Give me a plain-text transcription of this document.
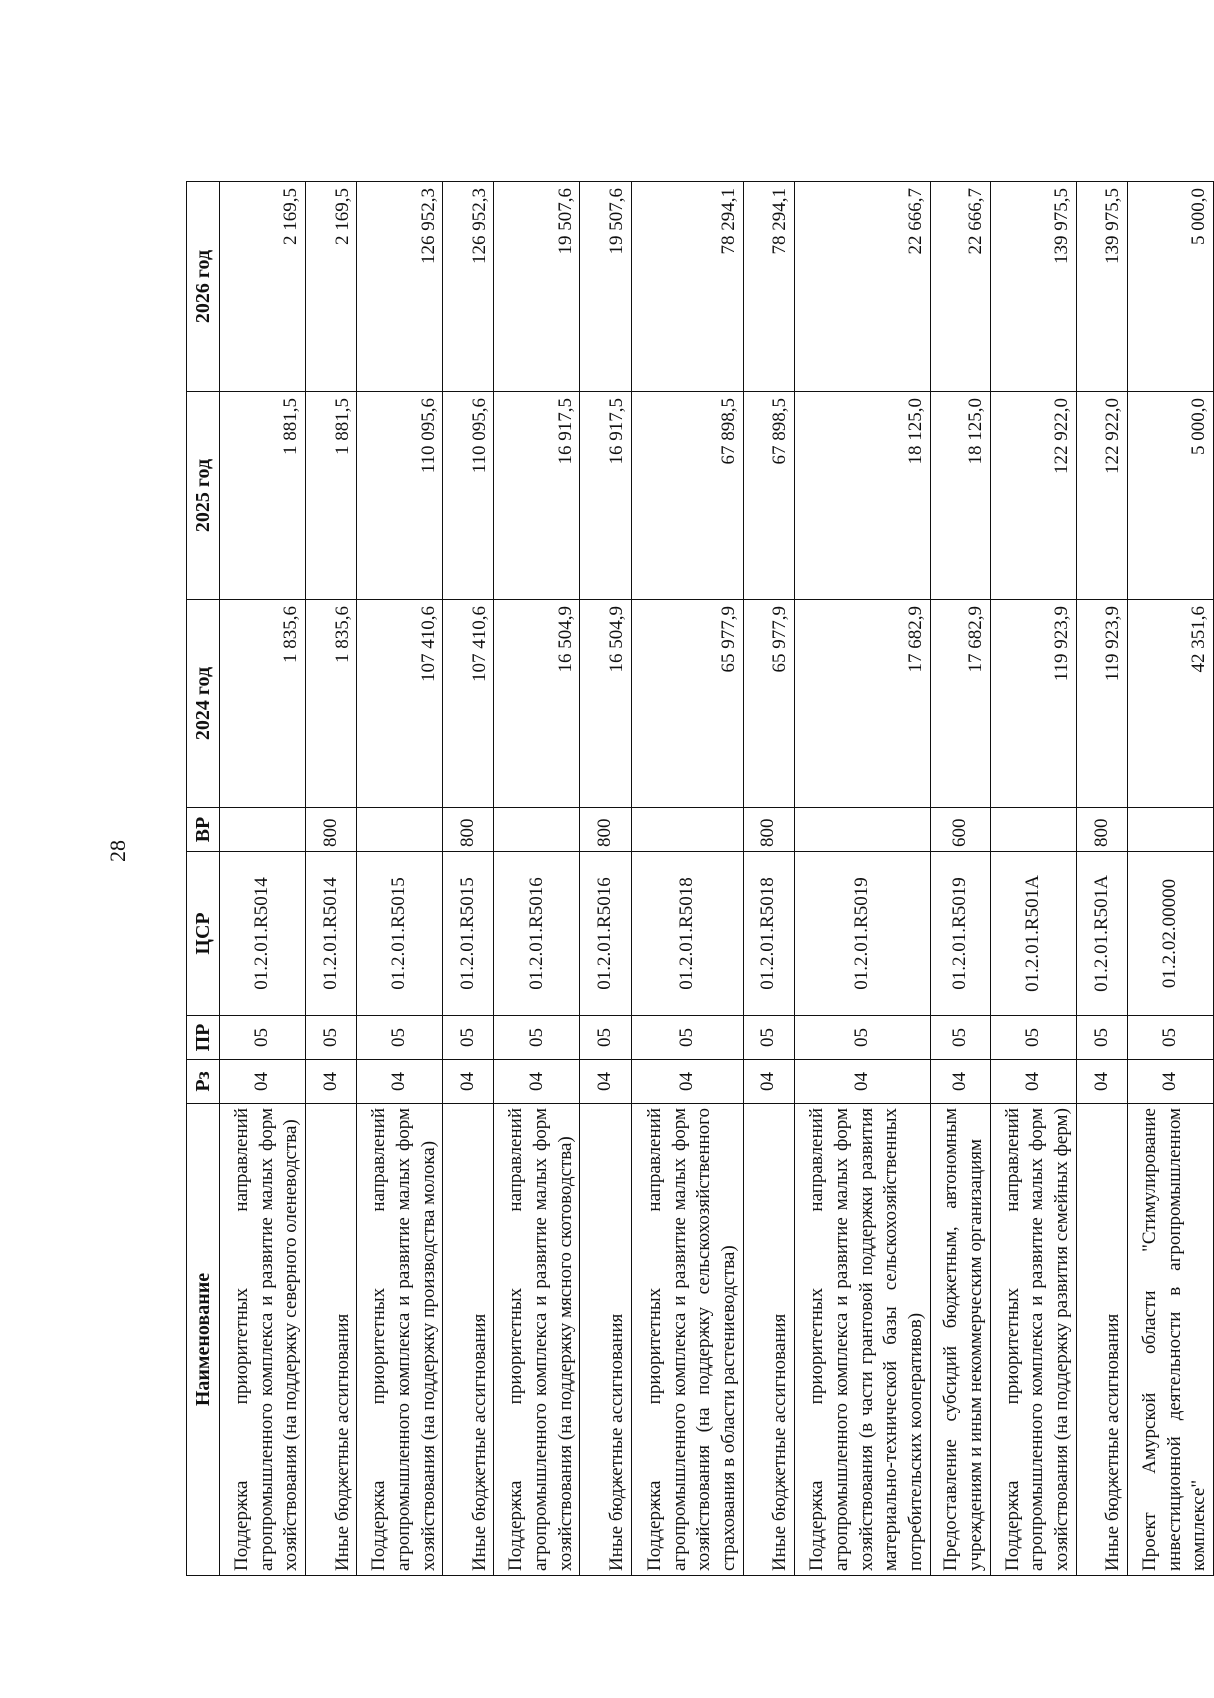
28
Наименование	Рз	ПР	ЦСР	ВР	2024 год	2025 год	2026 год
Поддержка приоритетных направлений агропромышленного комплекса и развитие малых форм хозяйствования (на поддержку северного оленеводства)	04	05	01.2.01.R5014		1 835,6	1 881,5	2 169,5
Иные бюджетные ассигнования	04	05	01.2.01.R5014	800	1 835,6	1 881,5	2 169,5
Поддержка приоритетных направлений агропромышленного комплекса и развитие малых форм хозяйствования (на поддержку производства молока)	04	05	01.2.01.R5015		107 410,6	110 095,6	126 952,3
Иные бюджетные ассигнования	04	05	01.2.01.R5015	800	107 410,6	110 095,6	126 952,3
Поддержка приоритетных направлений агропромышленного комплекса и развитие малых форм хозяйствования (на поддержку мясного скотоводства)	04	05	01.2.01.R5016		16 504,9	16 917,5	19 507,6
Иные бюджетные ассигнования	04	05	01.2.01.R5016	800	16 504,9	16 917,5	19 507,6
Поддержка приоритетных направлений агропромышленного комплекса и развитие малых форм хозяйствования (на поддержку сельскохозяйственного страхования в области растениеводства)	04	05	01.2.01.R5018		65 977,9	67 898,5	78 294,1
Иные бюджетные ассигнования	04	05	01.2.01.R5018	800	65 977,9	67 898,5	78 294,1
Поддержка приоритетных направлений агропромышленного комплекса и развитие малых форм хозяйствования (в части грантовой поддержки развития материально-технической базы сельскохозяйственных потребительских кооперативов)	04	05	01.2.01.R5019		17 682,9	18 125,0	22 666,7
Предоставление субсидий бюджетным, автономным учреждениям и иным некоммерческим организациям	04	05	01.2.01.R5019	600	17 682,9	18 125,0	22 666,7
Поддержка приоритетных направлений агропромышленного комплекса и развитие малых форм хозяйствования (на поддержку развития семейных ферм)	04	05	01.2.01.R501А		119 923,9	122 922,0	139 975,5
Иные бюджетные ассигнования	04	05	01.2.01.R501А	800	119 923,9	122 922,0	139 975,5
Проект Амурской области "Стимулирование инвестиционной деятельности в агропромышленном комплексе"	04	05	01.2.02.00000		42 351,6	5 000,0	5 000,0
